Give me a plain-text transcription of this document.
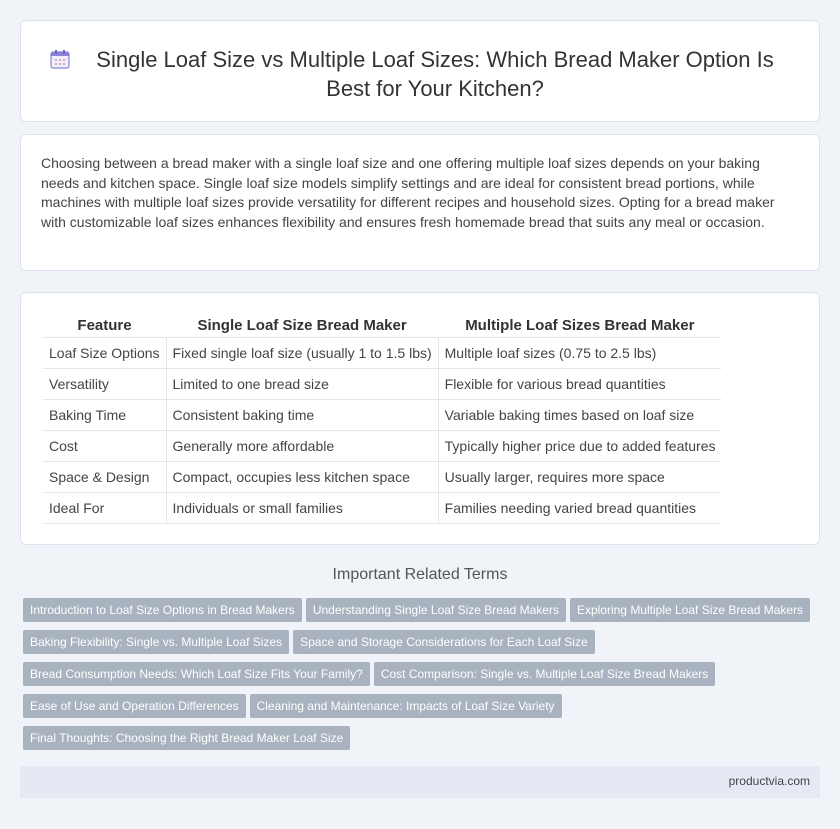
Single Loaf Size vs Multiple Loaf Sizes: Which Bread Maker Option Is Best for Your Kitchen?

Choosing between a bread maker with a single loaf size and one offering multiple loaf sizes depends on your baking needs and kitchen space. Single loaf size models simplify settings and are ideal for consistent bread portions, while machines with multiple loaf sizes provide versatility for different recipes and household sizes. Opting for a bread maker with customizable loaf sizes enhances flexibility and ensures fresh homemade bread that suits any meal or occasion.

Feature	Single Loaf Size Bread Maker	Multiple Loaf Sizes Bread Maker
Loaf Size Options	Fixed single loaf size (usually 1 to 1.5 lbs)	Multiple loaf sizes (0.75 to 2.5 lbs)
Versatility	Limited to one bread size	Flexible for various bread quantities
Baking Time	Consistent baking time	Variable baking times based on loaf size
Cost	Generally more affordable	Typically higher price due to added features
Space & Design	Compact, occupies less kitchen space	Usually larger, requires more space
Ideal For	Individuals or small families	Families needing varied bread quantities
Important Related Terms
Introduction to Loaf Size Options in Bread Makers Understanding Single Loaf Size Bread Makers Exploring Multiple Loaf Size Bread Makers
Baking Flexibility: Single vs. Multiple Loaf Sizes Space and Storage Considerations for Each Loaf Size
Bread Consumption Needs: Which Loaf Size Fits Your Family? Cost Comparison: Single vs. Multiple Loaf Size Bread Makers
Ease of Use and Operation Differences Cleaning and Maintenance: Impacts of Loaf Size Variety
Final Thoughts: Choosing the Right Bread Maker Loaf Size
productvia.com
